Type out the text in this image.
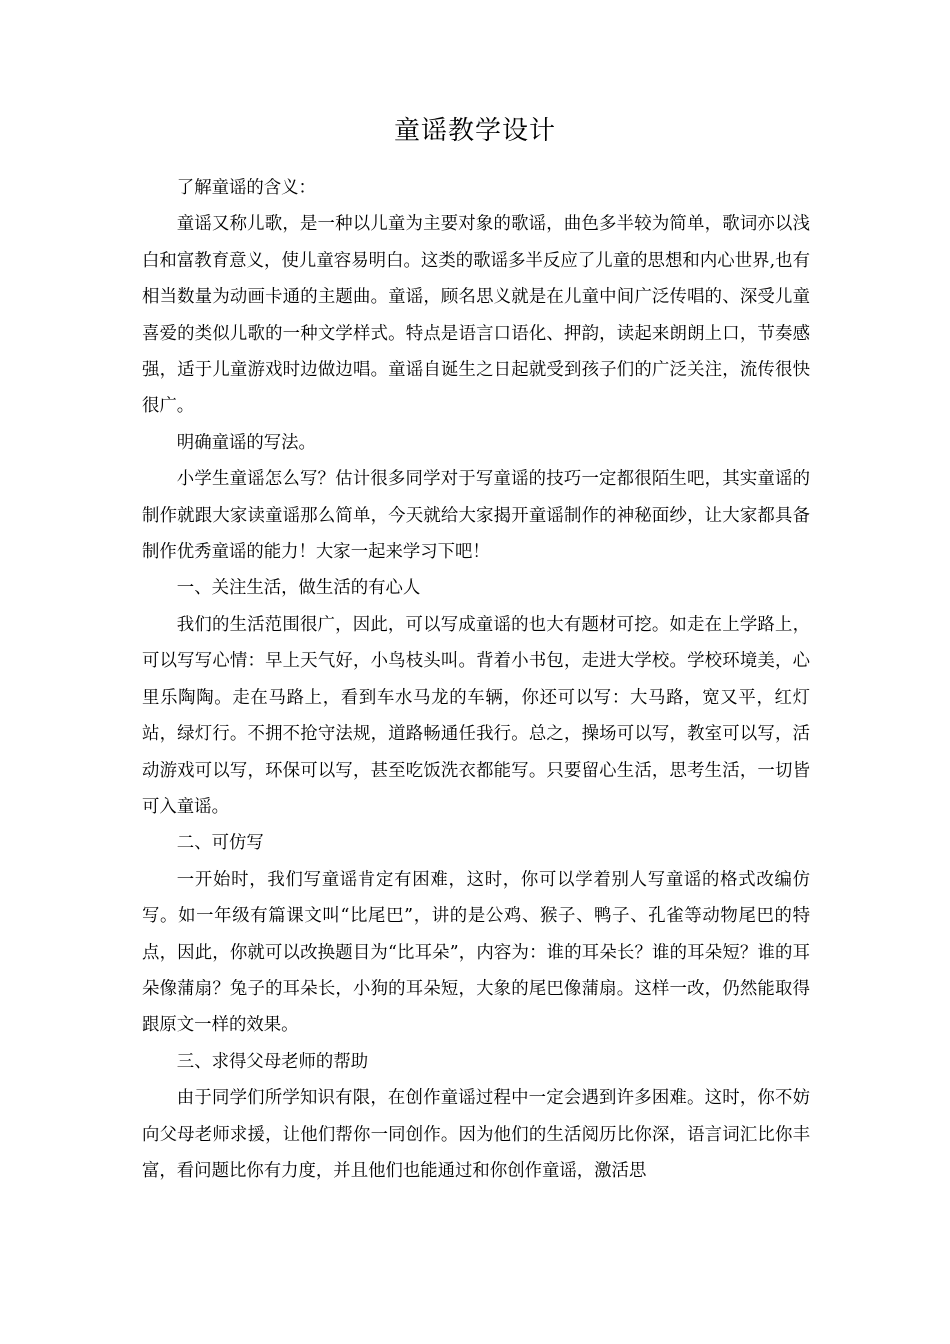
童谣教学设计

了解童谣的含义：

童谣又称儿歌，是一种以儿童为主要对象的歌谣，曲色多半较为简单，歌词亦以浅白和富教育意义，使儿童容易明白。这类的歌谣多半反应了儿童的思想和内心世界,也有相当数量为动画卡通的主题曲。童谣，顾名思义就是在儿童中间广泛传唱的、深受儿童喜爱的类似儿歌的一种文学样式。特点是语言口语化、押韵，读起来朗朗上口，节奏感强，适于儿童游戏时边做边唱。童谣自诞生之日起就受到孩子们的广泛关注，流传很快很广。

明确童谣的写法。

小学生童谣怎么写？估计很多同学对于写童谣的技巧一定都很陌生吧，其实童谣的制作就跟大家读童谣那么简单，今天就给大家揭开童谣制作的神秘面纱，让大家都具备制作优秀童谣的能力！大家一起来学习下吧！

一、关注生活，做生活的有心人

我们的生活范围很广，因此，可以写成童谣的也大有题材可挖。如走在上学路上，可以写写心情：早上天气好，小鸟枝头叫。背着小书包，走进大学校。学校环境美，心里乐陶陶。走在马路上，看到车水马龙的车辆，你还可以写：大马路，宽又平，红灯站，绿灯行。不拥不抢守法规，道路畅通任我行。总之，操场可以写，教室可以写，活动游戏可以写，环保可以写，甚至吃饭洗衣都能写。只要留心生活，思考生活，一切皆可入童谣。

二、可仿写

一开始时，我们写童谣肯定有困难，这时，你可以学着别人写童谣的格式改编仿写。如一年级有篇课文叫“比尾巴”，讲的是公鸡、猴子、鸭子、孔雀等动物尾巴的特点，因此，你就可以改换题目为“比耳朵”，内容为：谁的耳朵长？谁的耳朵短？谁的耳朵像蒲扇？兔子的耳朵长，小狗的耳朵短，大象的尾巴像蒲扇。这样一改，仍然能取得跟原文一样的效果。

三、求得父母老师的帮助

由于同学们所学知识有限，在创作童谣过程中一定会遇到许多困难。这时，你不妨向父母老师求援，让他们帮你一同创作。因为他们的生活阅历比你深，语言词汇比你丰富，看问题比你有力度，并且他们也能通过和你创作童谣，激活思
